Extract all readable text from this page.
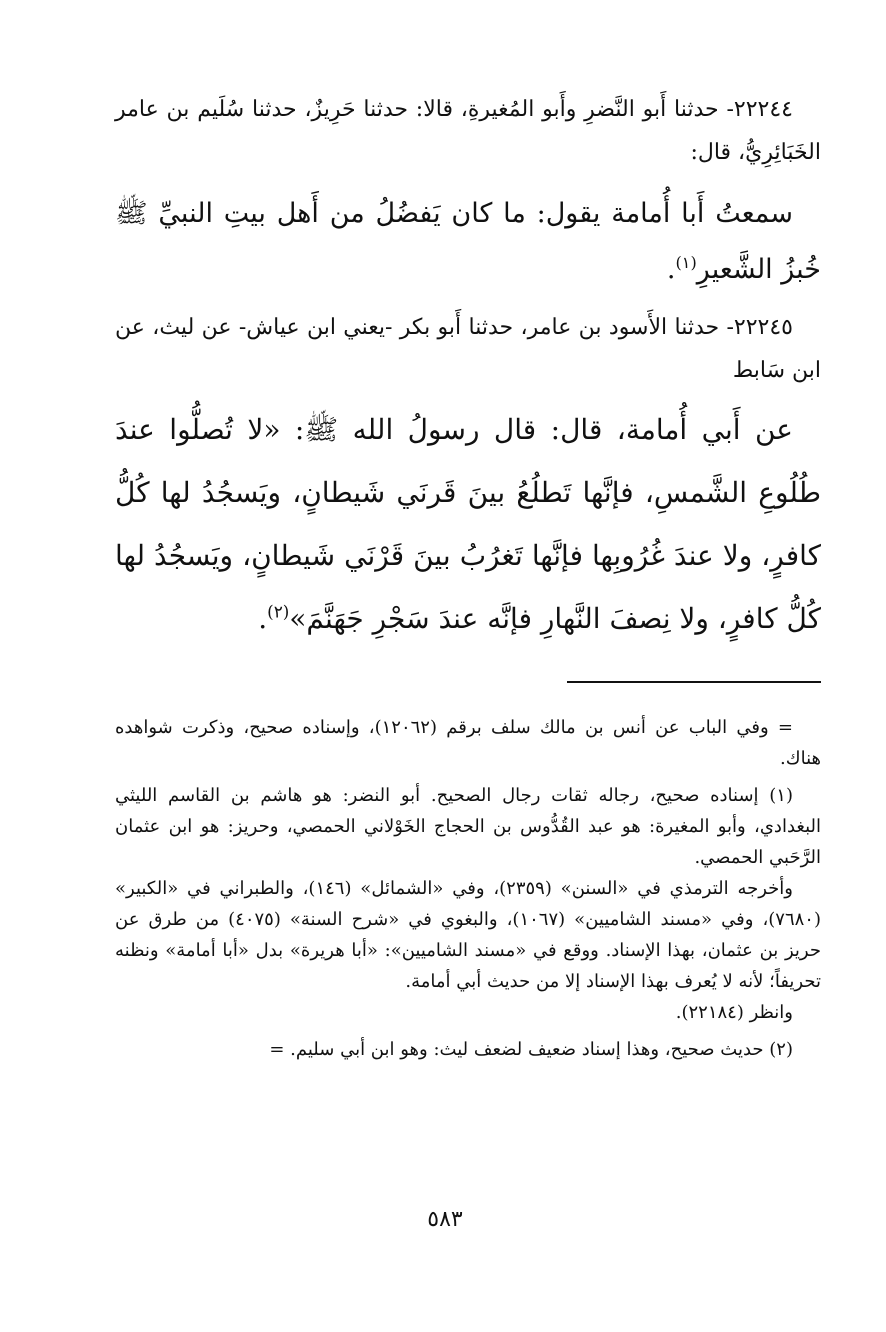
٢٢٢٤٤- حدثنا أَبو النَّضرِ وأَبو المُغيرةِ، قالا: حدثنا حَرِيزٌ، حدثنا سُلَيم بن عامر الخَبَائِرِيُّ، قال:

سمعتُ أَبا أُمامة يقول: ما كان يَفضُلُ من أَهل بيتِ النبيِّ ﷺ خُبزُ الشَّعيرِ$^{(١)}$.

٢٢٢٤٥- حدثنا الأَسود بن عامر، حدثنا أَبو بكر -يعني ابن عياش- عن ليث، عن ابن سَابط

عن أَبي أُمامة، قال: قال رسولُ الله ﷺ: «لا تُصلُّوا عندَ طُلُوعِ الشَّمسِ، فإنَّها تَطلُعُ بينَ قَرنَي شَيطانٍ، ويَسجُدُ لها كُلُّ كافرٍ، ولا عندَ غُرُوبِها فإنَّها تَغرُبُ بينَ قَرْنَي شَيطانٍ، ويَسجُدُ لها كُلُّ كافرٍ، ولا نِصفَ النَّهارِ فإنَّه عندَ سَجْرِ جَهَنَّمَ»$^{(٢)}$.

= وفي الباب عن أنس بن مالك سلف برقم (١٢٠٦٢)، وإسناده صحيح، وذكرت شواهده هناك.

(١) إسناده صحيح، رجاله ثقات رجال الصحيح. أبو النضر: هو هاشم بن القاسم الليثي البغدادي، وأبو المغيرة: هو عبد القُدُّوس بن الحجاج الخَوْلاني الحمصي، وحريز: هو ابن عثمان الرَّحَبي الحمصي.

وأخرجه الترمذي في «السنن» (٢٣٥٩)، وفي «الشمائل» (١٤٦)، والطبراني في «الكبير» (٧٦٨٠)، وفي «مسند الشاميين» (١٠٦٧)، والبغوي في «شرح السنة» (٤٠٧٥) من طرق عن حريز بن عثمان، بهذا الإسناد. ووقع في «مسند الشاميين»: «أبا هريرة» بدل «أبا أمامة» ونظنه تحريفاً؛ لأنه لا يُعرف بهذا الإسناد إلا من حديث أبي أمامة.

وانظر (٢٢١٨٤).

(٢) حديث صحيح، وهذا إسناد ضعيف لضعف ليث: وهو ابن أبي سليم. =

٥٨٣
